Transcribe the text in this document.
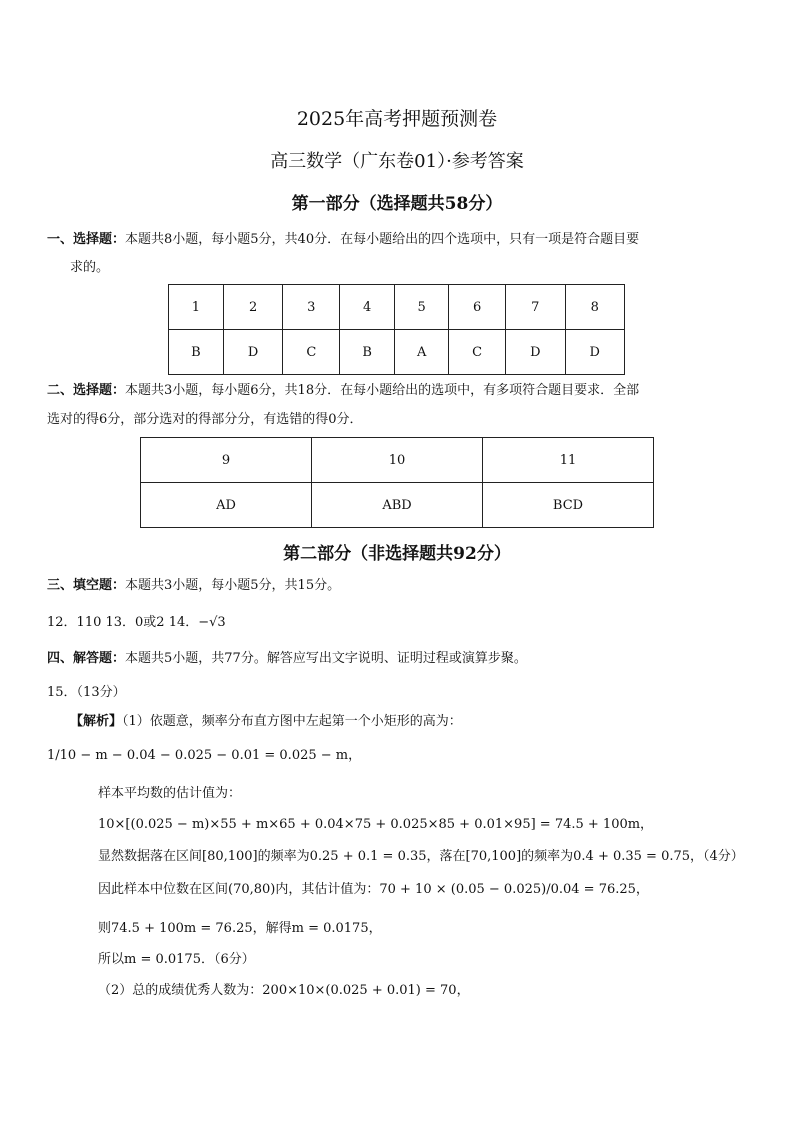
2025年高考押题预测卷
高三数学（广东卷01）·参考答案
第一部分（选择题共58分）
一、选择题：本题共8小题，每小题5分，共40分．在每小题给出的四个选项中，只有一项是符合题目要
求的。
1	2	3	4	5	6	7	8
B	D	C	B	A	C	D	D
二、选择题：本题共3小题，每小题6分，共18分．在每小题给出的选项中，有多项符合题目要求．全部
选对的得6分，部分选对的得部分分，有选错的得0分．
9	10	11
AD	ABD	BCD
第二部分（非选择题共92分）
三、填空题：本题共3小题，每小题5分，共15分。
12．110 13．0或2 14．−√3
四、解答题：本题共5小题，共77分。解答应写出文字说明、证明过程或演算步聚。
15．（13分）
【解析】（1）依题意，频率分布直方图中左起第一个小矩形的高为：
1/10 − m − 0.04 − 0.025 − 0.01 = 0.025 − m，
样本平均数的估计值为：
10×[(0.025 − m)×55 + m×65 + 0.04×75 + 0.025×85 + 0.01×95] = 74.5 + 100m，
显然数据落在区间[80,100]的频率为0.25 + 0.1 = 0.35，落在[70,100]的频率为0.4 + 0.35 = 0.75，（4分）
因此样本中位数在区间(70,80)内，其估计值为：70 + 10 × (0.05 − 0.025)/0.04 = 76.25，
则74.5 + 100m = 76.25，解得m = 0.0175，
所以m = 0.0175．（6分）
（2）总的成绩优秀人数为：200×10×(0.025 + 0.01) = 70，
